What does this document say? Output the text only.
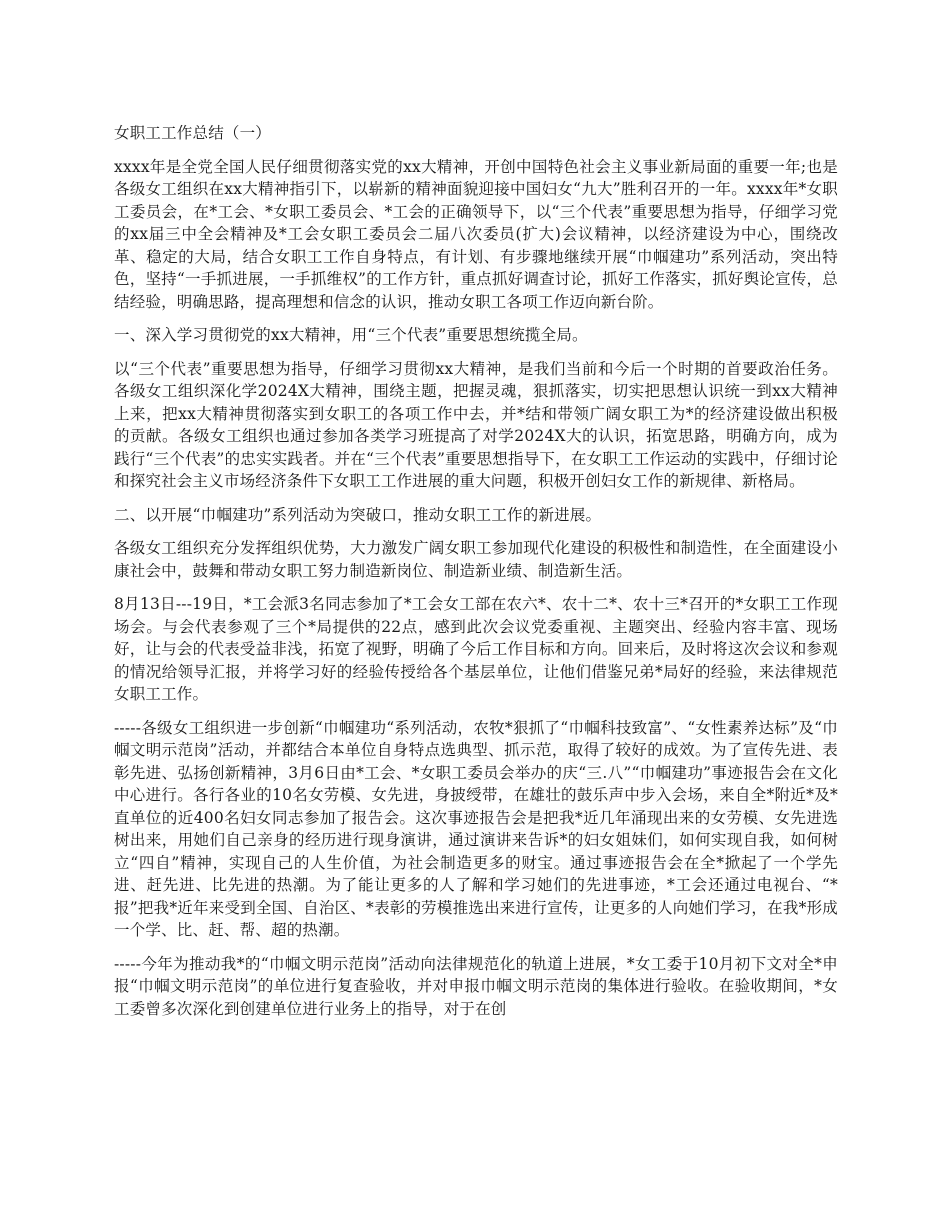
女职工工作总结（一）

xxxx年是全党全国人民仔细贯彻落实党的xx大精神，开创中国特色社会主义事业新局面的重要一年;也是各级女工组织在xx大精神指引下，以崭新的精神面貌迎接中国妇女“九大”胜利召开的一年。xxxx年*女职工委员会，在*工会、*女职工委员会、*工会的正确领导下，以“三个代表”重要思想为指导，仔细学习党的xx届三中全会精神及*工会女职工委员会二届八次委员(扩大)会议精神，以经济建设为中心，围绕改革、稳定的大局，结合女职工工作自身特点，有计划、有步骤地继续开展“巾帼建功”系列活动，突出特色，坚持“一手抓进展，一手抓维权”的工作方针，重点抓好调查讨论，抓好工作落实，抓好舆论宣传，总结经验，明确思路，提高理想和信念的认识，推动女职工各项工作迈向新台阶。

一、深入学习贯彻党的xx大精神，用“三个代表”重要思想统揽全局。

以“三个代表”重要思想为指导，仔细学习贯彻xx大精神，是我们当前和今后一个时期的首要政治任务。各级女工组织深化学2024X大精神，围绕主题，把握灵魂，狠抓落实，切实把思想认识统一到xx大精神上来，把xx大精神贯彻落实到女职工的各项工作中去，并*结和带领广阔女职工为*的经济建设做出积极的贡献。各级女工组织也通过参加各类学习班提高了对学2024X大的认识，拓宽思路，明确方向，成为践行“三个代表”的忠实实践者。并在“三个代表”重要思想指导下，在女职工工作运动的实践中，仔细讨论和探究社会主义市场经济条件下女职工工作进展的重大问题，积极开创妇女工作的新规律、新格局。

二、以开展“巾帼建功”系列活动为突破口，推动女职工工作的新进展。

各级女工组织充分发挥组织优势，大力激发广阔女职工参加现代化建设的积极性和制造性，在全面建设小康社会中，鼓舞和带动女职工努力制造新岗位、制造新业绩、制造新生活。

8月13日---19日，*工会派3名同志参加了*工会女工部在农六*、农十二*、农十三*召开的*女职工工作现场会。与会代表参观了三个*局提供的22点，感到此次会议党委重视、主题突出、经验内容丰富、现场好，让与会的代表受益非浅，拓宽了视野，明确了今后工作目标和方向。回来后，及时将这次会议和参观的情况给领导汇报，并将学习好的经验传授给各个基层单位，让他们借鉴兄弟*局好的经验，来法律规范女职工工作。

-----各级女工组织进一步创新“巾帼建功“系列活动，农牧*狠抓了“巾帼科技致富”、“女性素养达标”及“巾帼文明示范岗”活动，并都结合本单位自身特点选典型、抓示范，取得了较好的成效。为了宣传先进、表彰先进、弘扬创新精神，3月6日由*工会、*女职工委员会举办的庆“三.八”“巾帼建功”事迹报告会在文化中心进行。各行各业的10名女劳模、女先进，身披绶带，在雄壮的鼓乐声中步入会场，来自全*附近*及*直单位的近400名妇女同志参加了报告会。这次事迹报告会是把我*近几年涌现出来的女劳模、女先进选树出来，用她们自己亲身的经历进行现身演讲，通过演讲来告诉*的妇女姐妹们，如何实现自我，如何树立“四自”精神，实现自己的人生价值，为社会制造更多的财宝。通过事迹报告会在全*掀起了一个学先进、赶先进、比先进的热潮。为了能让更多的人了解和学习她们的先进事迹，*工会还通过电视台、“*报”把我*近年来受到全国、自治区、*表彰的劳模推选出来进行宣传，让更多的人向她们学习，在我*形成一个学、比、赶、帮、超的热潮。

-----今年为推动我*的“巾帼文明示范岗”活动向法律规范化的轨道上进展，*女工委于10月初下文对全*申报“巾帼文明示范岗”的单位进行复查验收，并对申报巾帼文明示范岗的集体进行验收。在验收期间，*女工委曾多次深化到创建单位进行业务上的指导，对于在创
